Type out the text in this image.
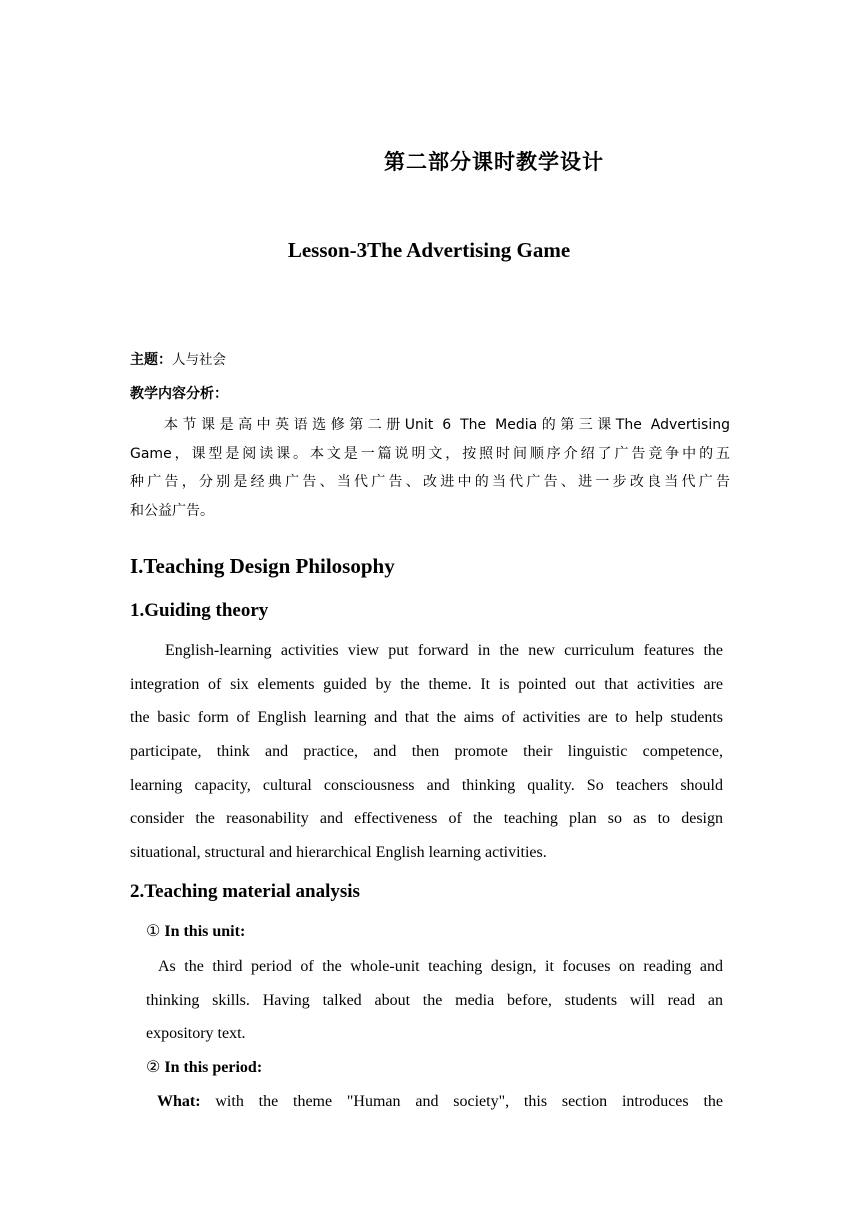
第二部分课时教学设计
Lesson-3The Advertising Game
主题：人与社会
教学内容分析：
本节课是高中英语选修第二册Unit 6 The Media的第三课The Advertising
Game，课型是阅读课。本文是一篇说明文，按照时间顺序介绍了广告竞争中的五
种广告，分别是经典广告、当代广告、改进中的当代广告、进一步改良当代广告
和公益广告。
I.Teaching Design Philosophy
1.Guiding theory
English-learning activities view put forward in the new curriculum features the
integration of six elements guided by the theme. It is pointed out that activities are
the basic form of English learning and that the aims of activities are to help students
participate, think and practice, and then promote their linguistic competence,
learning capacity, cultural consciousness and thinking quality. So teachers should
consider the reasonability and effectiveness of the teaching plan so as to design
situational, structural and hierarchical English learning activities.
2.Teaching material analysis
① In this unit:
As the third period of the whole-unit teaching design, it focuses on reading and
thinking skills. Having talked about the media before, students will read an
expository text.
② In this period:
What: with the theme "Human and society", this section introduces the
